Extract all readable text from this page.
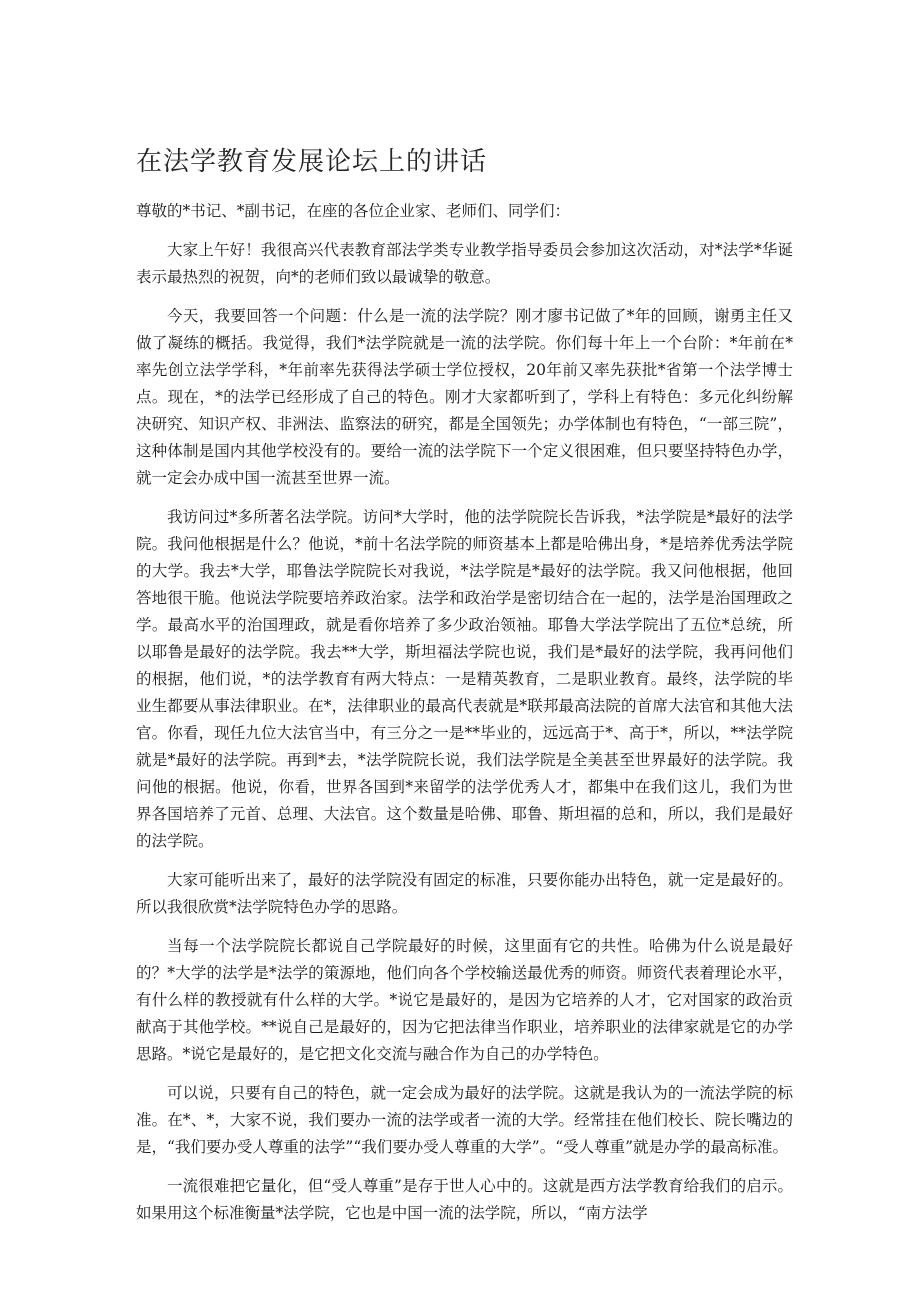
在法学教育发展论坛上的讲话

尊敬的*书记、*副书记，在座的各位企业家、老师们、同学们：

大家上午好！我很高兴代表教育部法学类专业教学指导委员会参加这次活动，对*法学*华诞表示最热烈的祝贺，向*的老师们致以最诚挚的敬意。

今天，我要回答一个问题：什么是一流的法学院？刚才廖书记做了*年的回顾，谢勇主任又做了凝练的概括。我觉得，我们*法学院就是一流的法学院。你们每十年上一个台阶：*年前在*率先创立法学学科，*年前率先获得法学硕士学位授权，20年前又率先获批*省第一个法学博士点。现在，*的法学已经形成了自己的特色。刚才大家都听到了，学科上有特色：多元化纠纷解决研究、知识产权、非洲法、监察法的研究，都是全国领先；办学体制也有特色，“一部三院”，这种体制是国内其他学校没有的。要给一流的法学院下一个定义很困难，但只要坚持特色办学，就一定会办成中国一流甚至世界一流。

我访问过*多所著名法学院。访问*大学时，他的法学院院长告诉我，*法学院是*最好的法学院。我问他根据是什么？他说，*前十名法学院的师资基本上都是哈佛出身，*是培养优秀法学院的大学。我去*大学，耶鲁法学院院长对我说，*法学院是*最好的法学院。我又问他根据，他回答地很干脆。他说法学院要培养政治家。法学和政治学是密切结合在一起的，法学是治国理政之学。最高水平的治国理政，就是看你培养了多少政治领袖。耶鲁大学法学院出了五位*总统，所以耶鲁是最好的法学院。我去**大学，斯坦福法学院也说，我们是*最好的法学院，我再问他们的根据，他们说，*的法学教育有两大特点：一是精英教育，二是职业教育。最终，法学院的毕业生都要从事法律职业。在*，法律职业的最高代表就是*联邦最高法院的首席大法官和其他大法官。你看，现任九位大法官当中，有三分之一是**毕业的，远远高于*、高于*，所以，**法学院就是*最好的法学院。再到*去，*法学院院长说，我们法学院是全美甚至世界最好的法学院。我问他的根据。他说，你看，世界各国到*来留学的法学优秀人才，都集中在我们这儿，我们为世界各国培养了元首、总理、大法官。这个数量是哈佛、耶鲁、斯坦福的总和，所以，我们是最好的法学院。

大家可能听出来了，最好的法学院没有固定的标准，只要你能办出特色，就一定是最好的。所以我很欣赏*法学院特色办学的思路。

当每一个法学院院长都说自己学院最好的时候，这里面有它的共性。哈佛为什么说是最好的？*大学的法学是*法学的策源地，他们向各个学校输送最优秀的师资。师资代表着理论水平，有什么样的教授就有什么样的大学。*说它是最好的，是因为它培养的人才，它对国家的政治贡献高于其他学校。**说自己是最好的，因为它把法律当作职业，培养职业的法律家就是它的办学思路。*说它是最好的，是它把文化交流与融合作为自己的办学特色。

可以说，只要有自己的特色，就一定会成为最好的法学院。这就是我认为的一流法学院的标准。在*、*，大家不说，我们要办一流的法学或者一流的大学。经常挂在他们校长、院长嘴边的是，“我们要办受人尊重的法学”“我们要办受人尊重的大学”。“受人尊重”就是办学的最高标准。

一流很难把它量化，但“受人尊重”是存于世人心中的。这就是西方法学教育给我们的启示。如果用这个标准衡量*法学院，它也是中国一流的法学院，所以，“南方法学
